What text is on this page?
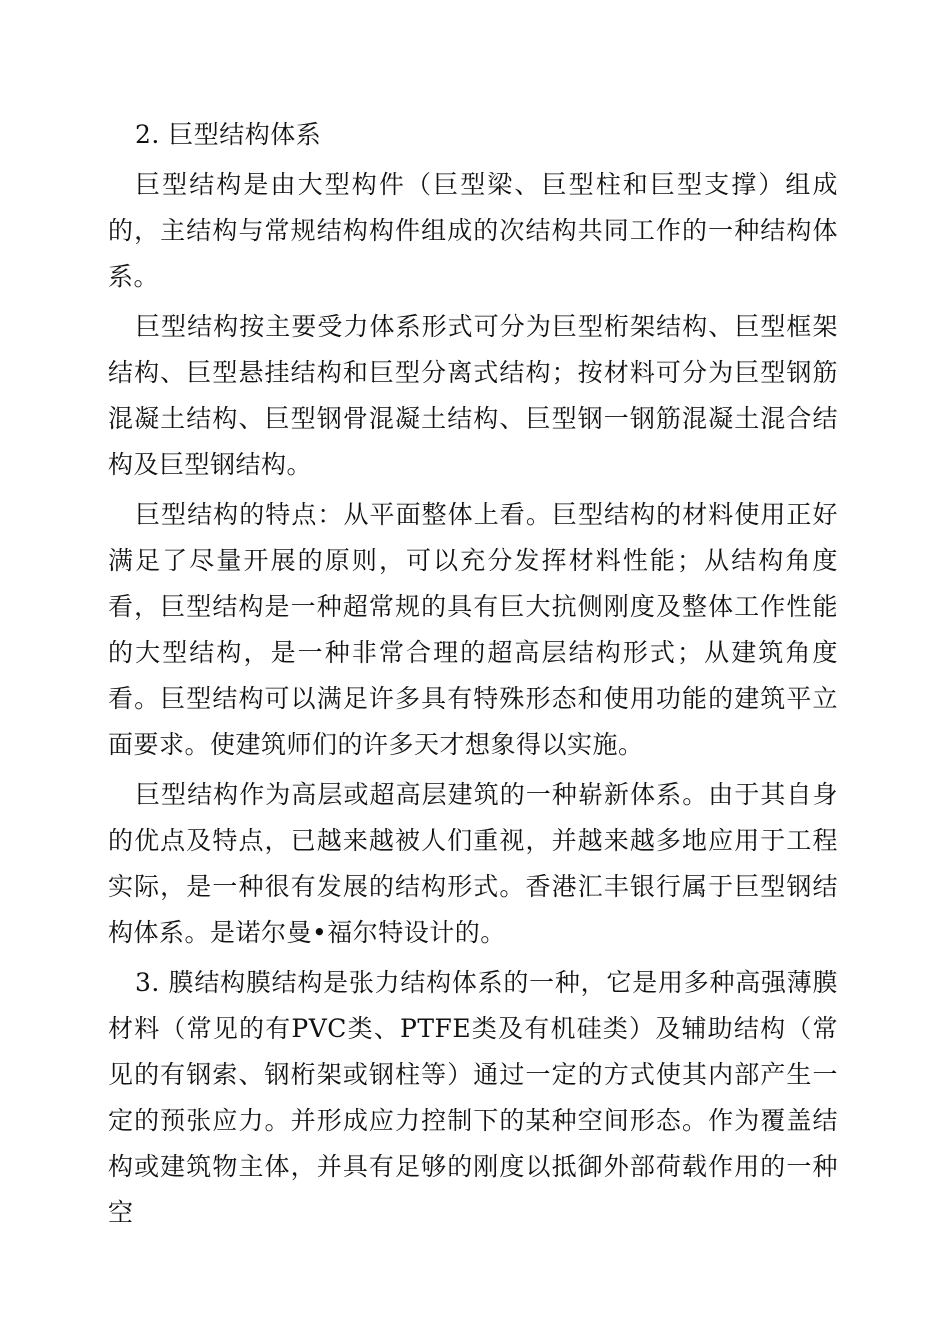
2. 巨型结构体系

巨型结构是由大型构件（巨型梁、巨型柱和巨型支撑）组成的，主结构与常规结构构件组成的次结构共同工作的一种结构体系。

巨型结构按主要受力体系形式可分为巨型桁架结构、巨型框架结构、巨型悬挂结构和巨型分离式结构；按材料可分为巨型钢筋混凝土结构、巨型钢骨混凝土结构、巨型钢一钢筋混凝土混合结构及巨型钢结构。

巨型结构的特点：从平面整体上看。巨型结构的材料使用正好满足了尽量开展的原则，可以充分发挥材料性能；从结构角度看，巨型结构是一种超常规的具有巨大抗侧刚度及整体工作性能的大型结构，是一种非常合理的超高层结构形式；从建筑角度看。巨型结构可以满足许多具有特殊形态和使用功能的建筑平立面要求。使建筑师们的许多天才想象得以实施。

巨型结构作为高层或超高层建筑的一种崭新体系。由于其自身的优点及特点，已越来越被人们重视，并越来越多地应用于工程实际，是一种很有发展的结构形式。香港汇丰银行属于巨型钢结构体系。是诺尔曼•福尔特设计的。

3. 膜结构膜结构是张力结构体系的一种，它是用多种高强薄膜材料（常见的有PVC类、PTFE类及有机硅类）及辅助结构（常见的有钢索、钢桁架或钢柱等）通过一定的方式使其内部产生一定的预张应力。并形成应力控制下的某种空间形态。作为覆盖结构或建筑物主体，并具有足够的刚度以抵御外部荷载作用的一种空
